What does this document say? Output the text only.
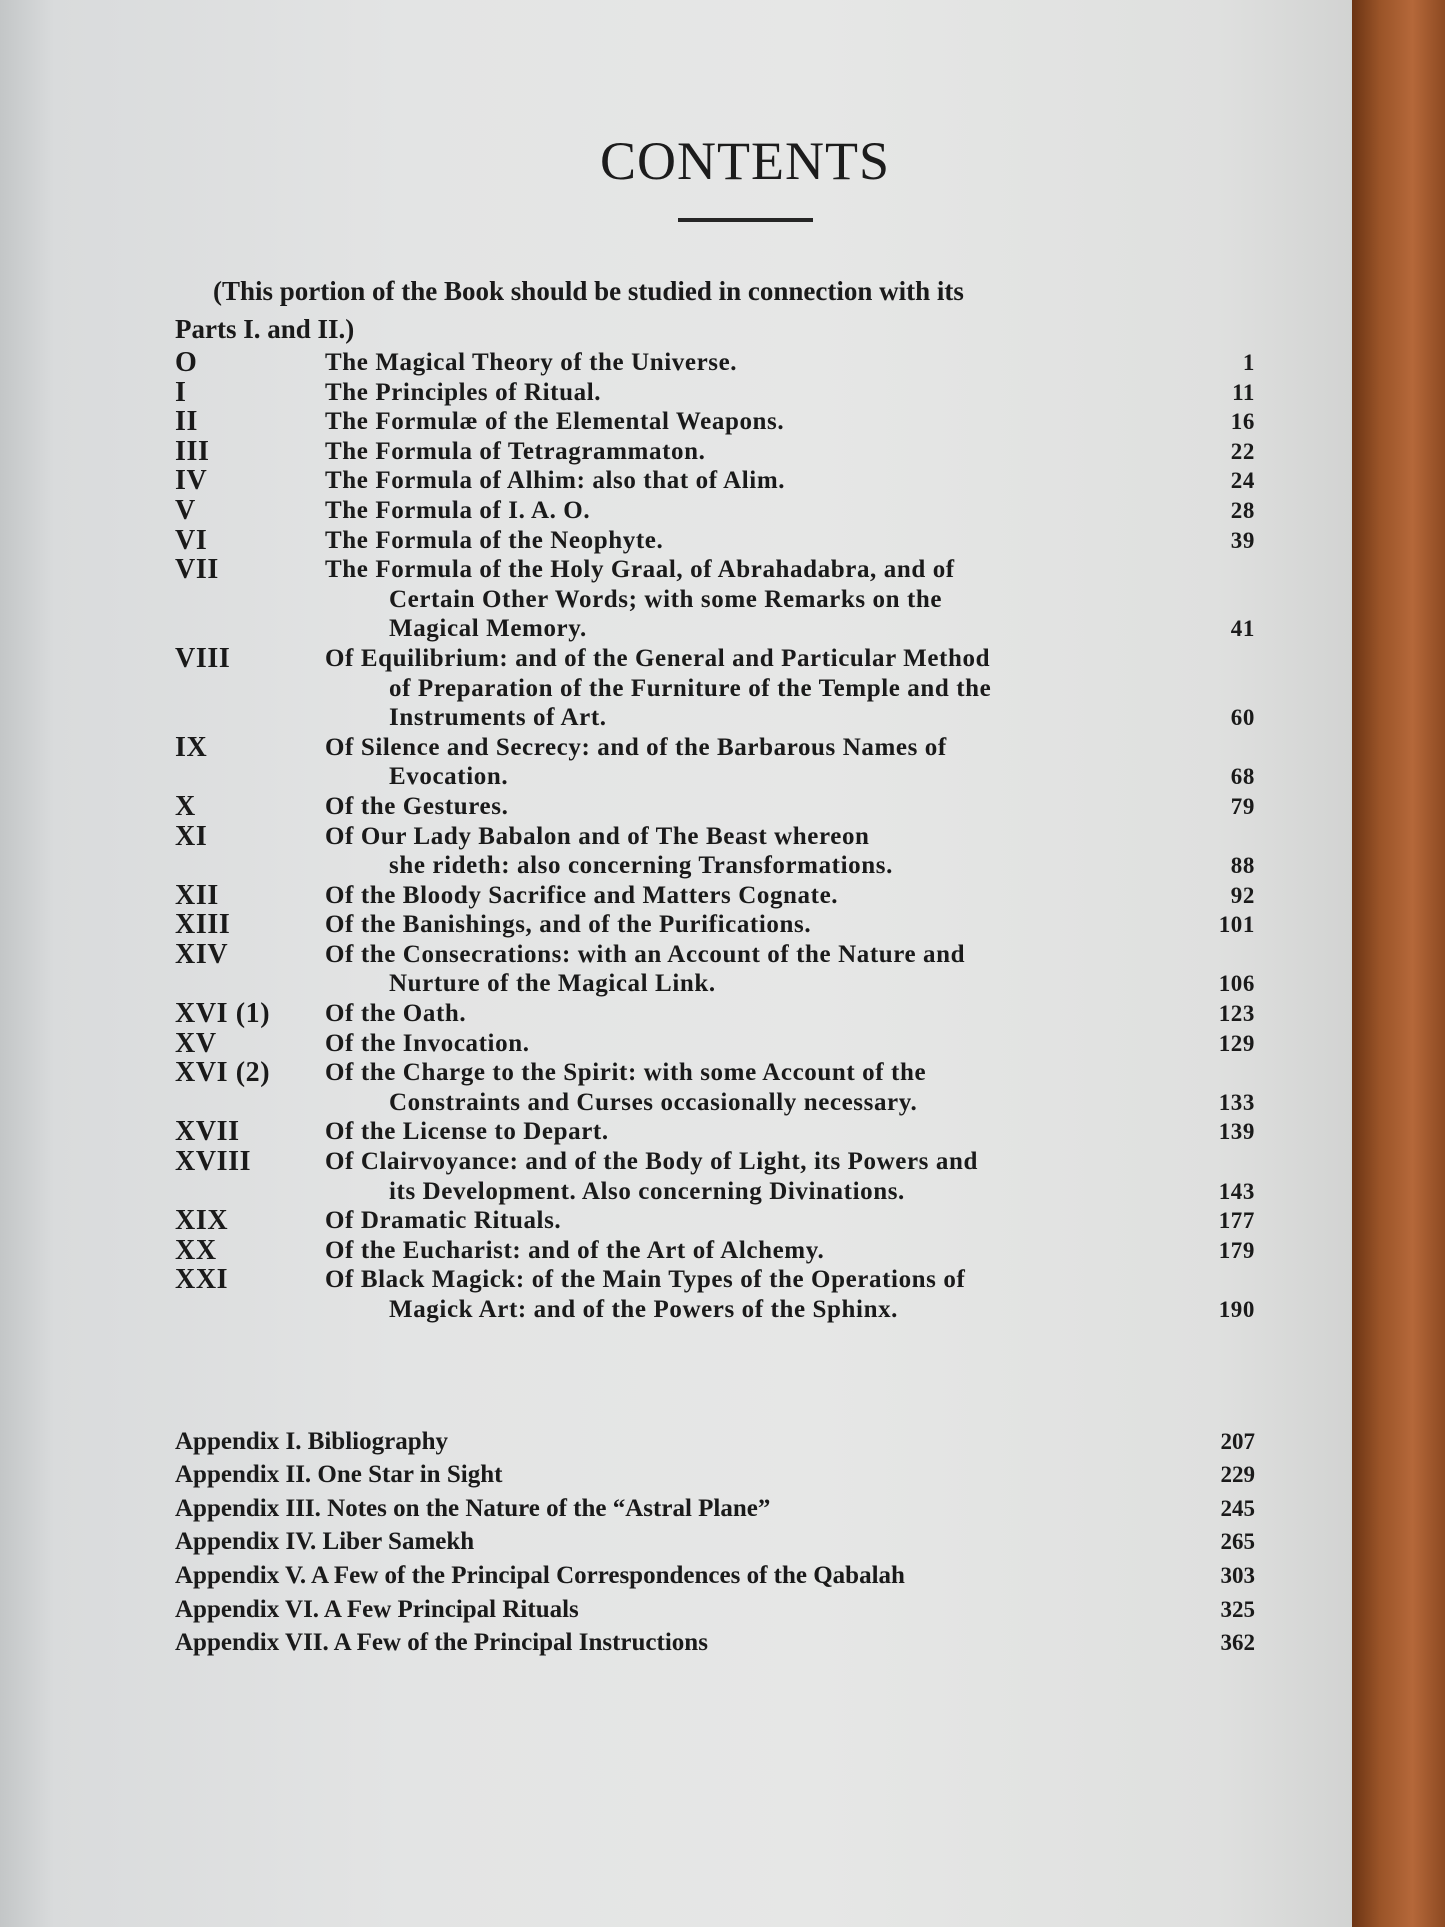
CONTENTS
(This portion of the Book should be studied in connection with its
Parts I. and II.)
O	The Magical Theory of the Universe.	1
I	The Principles of Ritual.	11
II	The Formulæ of the Elemental Weapons.	16
III	The Formula of Tetragrammaton.	22
IV	The Formula of Alhim: also that of Alim.	24
V	The Formula of I. A. O.	28
VI	The Formula of the Neophyte.	39
VII	The Formula of the Holy Graal, of Abrahadabra, and of
Certain Other Words; with some Remarks on the
Magical Memory.	41
VIII	Of Equilibrium: and of the General and Particular Method
of Preparation of the Furniture of the Temple and the
Instruments of Art.	60
IX	Of Silence and Secrecy: and of the Barbarous Names of
Evocation.	68
X	Of the Gestures.	79
XI	Of Our Lady Babalon and of The Beast whereon
she rideth: also concerning Transformations.	88
XII	Of the Bloody Sacrifice and Matters Cognate.	92
XIII	Of the Banishings, and of the Purifications.	101
XIV	Of the Consecrations: with an Account of the Nature and
Nurture of the Magical Link.	106
XVI (1)	Of the Oath.	123
XV	Of the Invocation.	129
XVI (2)	Of the Charge to the Spirit: with some Account of the
Constraints and Curses occasionally necessary.	133
XVII	Of the License to Depart.	139
XVIII	Of Clairvoyance: and of the Body of Light, its Powers and
its Development. Also concerning Divinations.	143
XIX	Of Dramatic Rituals.	177
XX	Of the Eucharist: and of the Art of Alchemy.	179
XXI	Of Black Magick: of the Main Types of the Operations of
Magick Art: and of the Powers of the Sphinx.	190
Appendix I. Bibliography	207
Appendix II. One Star in Sight	229
Appendix III. Notes on the Nature of the “Astral Plane”	245
Appendix IV. Liber Samekh	265
Appendix V. A Few of the Principal Correspondences of the Qabalah	303
Appendix VI. A Few Principal Rituals	325
Appendix VII. A Few of the Principal Instructions	362
